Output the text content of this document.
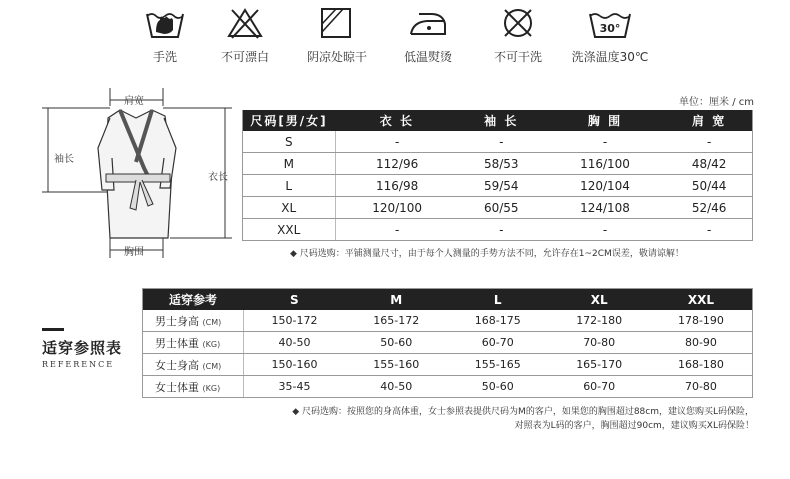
手洗	不可漂白	阴凉处晾干	低温熨烫	不可干洗
30°
洗涤温度30℃
肩宽
袖长
衣长
胸围
单位：厘米 / cm
尺码[男/女]	衣 长	袖 长	胸 围	肩 宽
S	-	-	-	-
M	112/96	58/53	116/100	48/42
L	116/98	59/54	120/104	50/44
XL	120/100	60/55	124/108	52/46
XXL	-	-	-	-
◆ 尺码选购：平铺测量尺寸，由于每个人测量的手势方法不同，允许存在1~2CM误差，敬请谅解！
适穿参照表
REFERENCE
适穿参考	S	M	L	XL	XXL
男士身高 (CM)	150-172	165-172	168-175	172-180	178-190
男士体重 (KG)	40-50	50-60	60-70	70-80	80-90
女士身高 (CM)	150-160	155-160	155-165	165-170	168-180
女士体重 (KG)	35-45	40-50	50-60	60-70	70-80
◆ 尺码选购：按照您的身高体重，女士参照表提供尺码为M的客户，如果您的胸围超过88cm，建议您购买L码保险，
对照表为L码的客户，胸围超过90cm，建议购买XL码保险！
